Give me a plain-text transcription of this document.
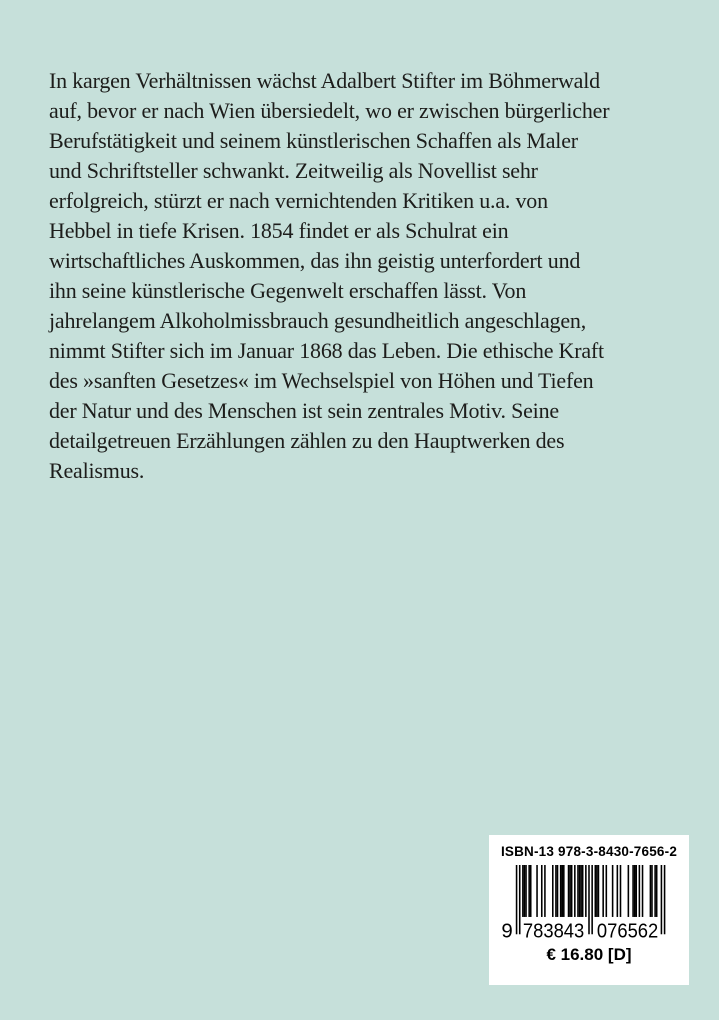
In kargen Verhältnissen wächst Adalbert Stifter im Böhmerwald
auf, bevor er nach Wien übersiedelt, wo er zwischen bürgerlicher
Berufstätigkeit und seinem künstlerischen Schaffen als Maler
und Schriftsteller schwankt. Zeitweilig als Novellist sehr
erfolgreich, stürzt er nach vernichtenden Kritiken u.a. von
Hebbel in tiefe Krisen. 1854 findet er als Schulrat ein
wirtschaftliches Auskommen, das ihn geistig unterfordert und
ihn seine künstlerische Gegenwelt erschaffen lässt. Von
jahrelangem Alkoholmissbrauch gesundheitlich angeschlagen,
nimmt Stifter sich im Januar 1868 das Leben. Die ethische Kraft
des »sanften Gesetzes« im Wechselspiel von Höhen und Tiefen
der Natur und des Menschen ist sein zentrales Motiv. Seine
detailgetreuen Erzählungen zählen zu den Hauptwerken des
Realismus.
ISBN-13 978-3-8430-7656-2
9 783843 076562
€ 16.80 [D]
